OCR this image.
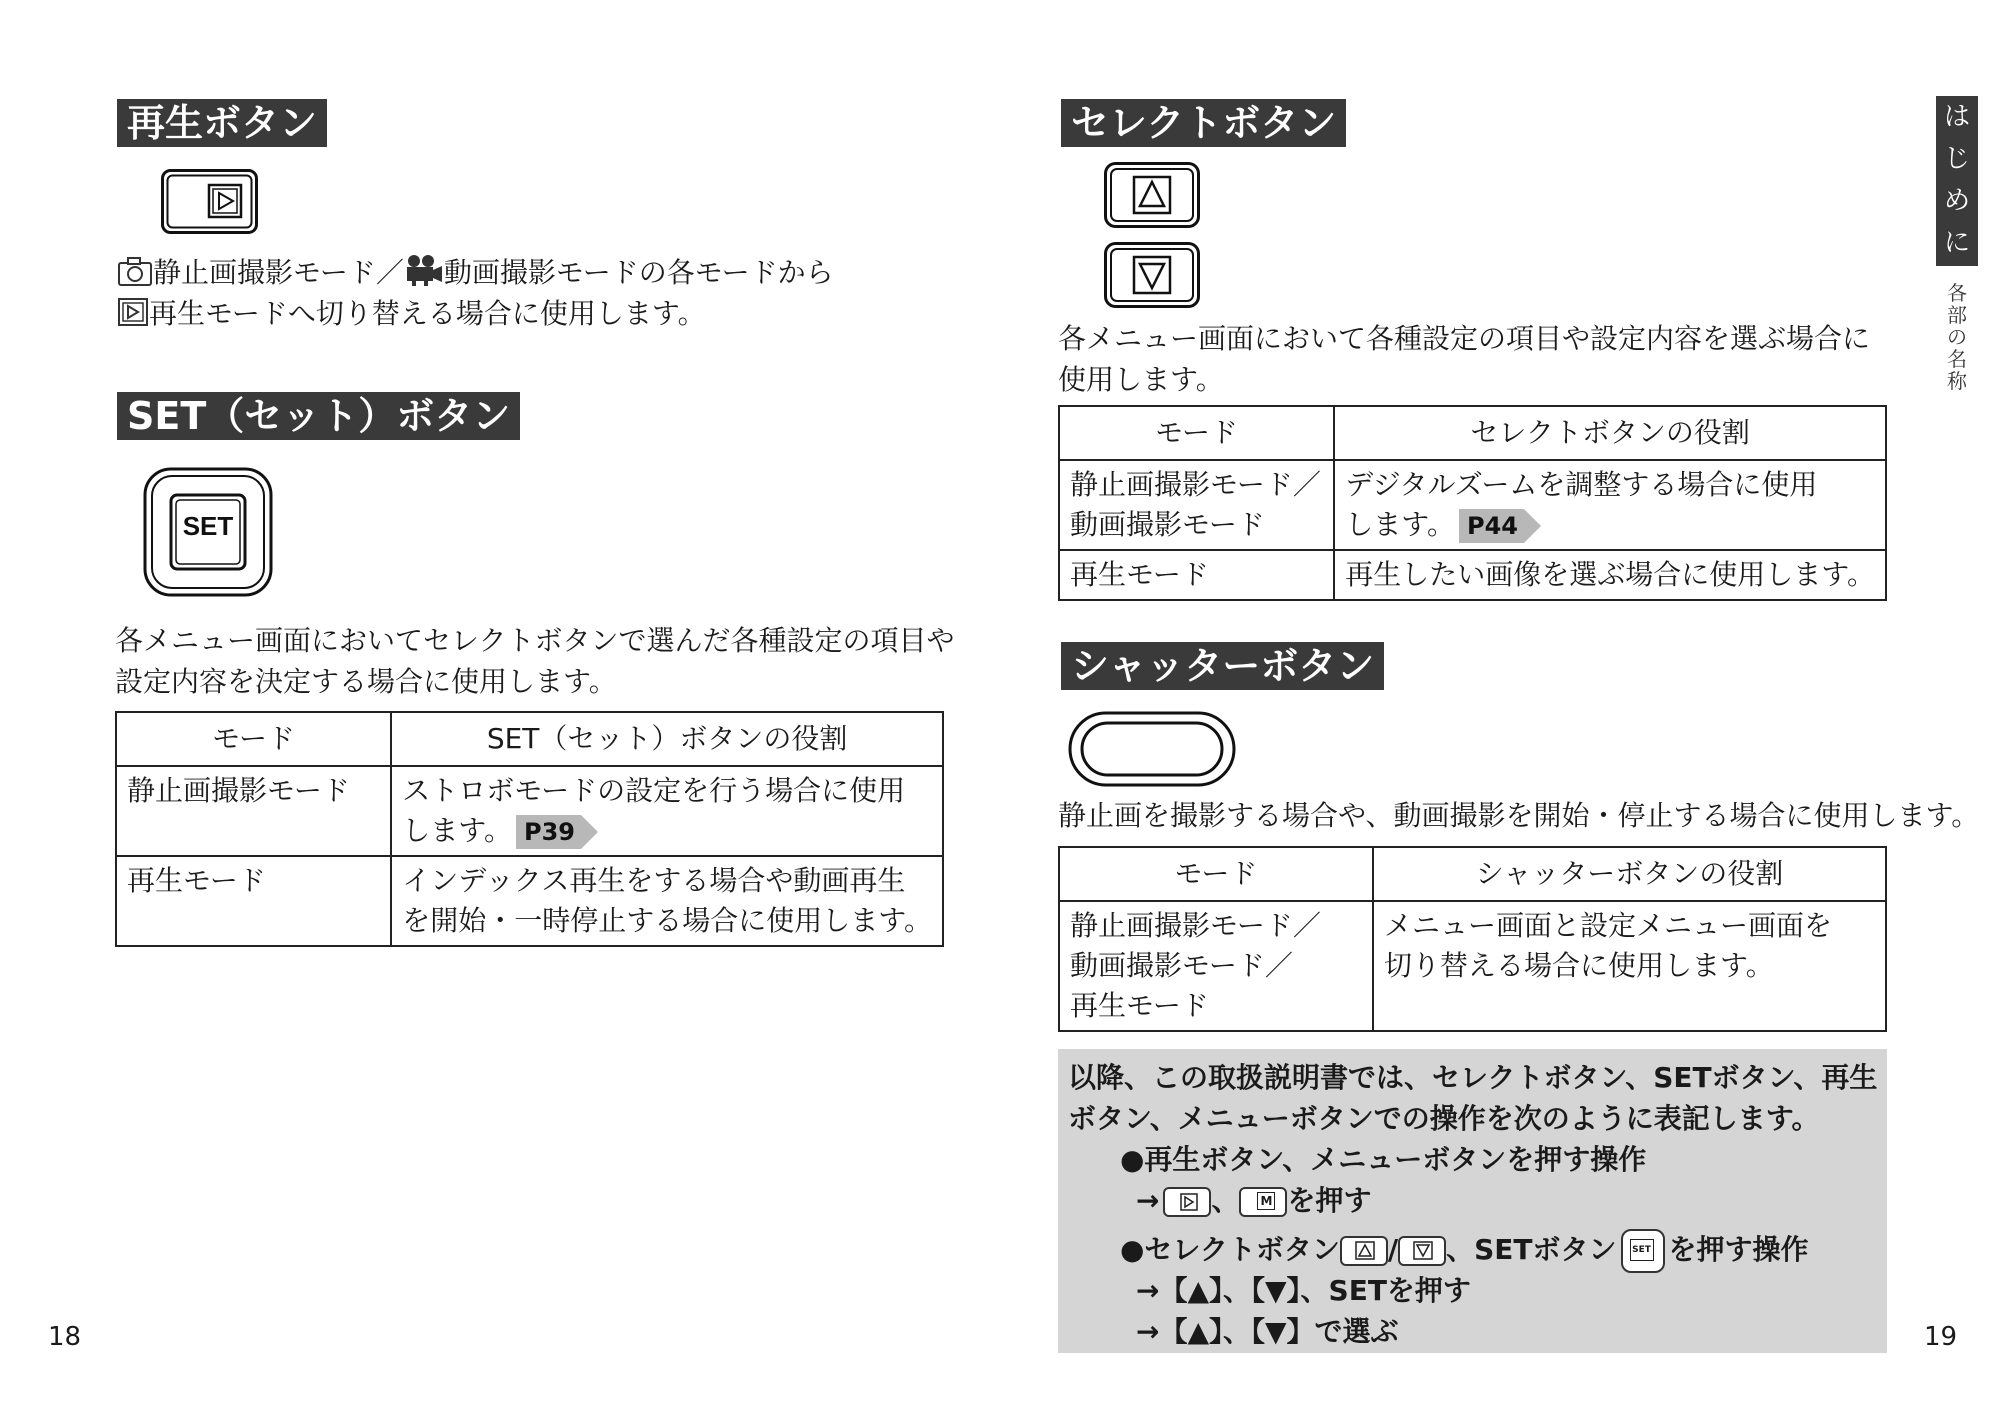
再生ボタン
静止画撮影モード／ 動画撮影モードの各モードから
再生モードへ切り替える場合に使用します。
SET（セット）ボタン
SET
各メニュー画面においてセレクトボタンで選んだ各種設定の項目や
設定内容を決定する場合に使用します。
モード	SET（セット）ボタンの役割

静止画撮影モード	ストロボモードの設定を行う場合に使用
します。 P39

再生モード	インデックス再生をする場合や動画再生
を開始・一時停止する場合に使用します。
18
セレクトボタン
各メニュー画面において各種設定の項目や設定内容を選ぶ場合に
使用します。
モード	セレクトボタンの役割

静止画撮影モード／
動画撮影モード	デジタルズームを調整する場合に使用
します。 P44

再生モード	再生したい画像を選ぶ場合に使用します。
シャッターボタン
静止画を撮影する場合や、動画撮影を開始・停止する場合に使用します。
モード	シャッターボタンの役割

静止画撮影モード／
動画撮影モード／
再生モード	メニュー画面と設定メニュー画面を
切り替える場合に使用します。
以降、この取扱説明書では、セレクトボタン、SETボタン、再生
ボタン、メニューボタンでの操作を次のように表記します。
●再生ボタン、メニューボタンを押す操作
→ 、 M を押す
●セレクトボタン / 、SETボタン SET を押す操作
→【▲】、【▼】、SETを押す
→【▲】、【▼】で選ぶ
は
じ
め
に
各
部
の
名
称
19
